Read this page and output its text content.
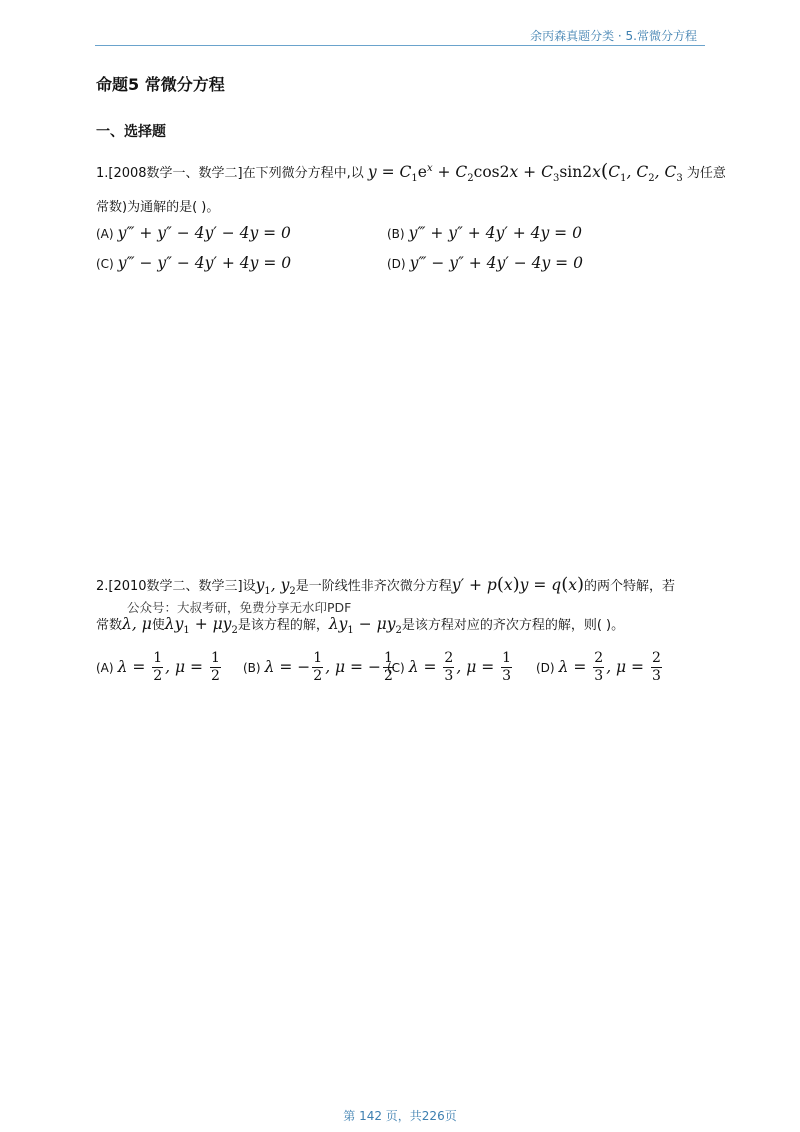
余丙森真题分类 · 5.常微分方程
命题5 常微分方程
一、选择题
1.[2008数学一、数学二]在下列微分方程中,以 $y = C_1e^x + C_2\cos 2x + C_3\sin 2x(C_1$, $C_2$, $C_3$ 为任意
常数)为通解的是( )。
(A) y‴ + y″ − 4y′ − 4y = 0	(B) y‴ + y″ + 4y′ + 4y = 0
(C) y‴ − y″ − 4y′ + 4y = 0	(D) y‴ − y″ + 4y′ − 4y = 0
2.[2010数学二、数学三]设$y_1$, $y_2$是一阶线性非齐次微分方程y′ + p(x)y = q(x)的两个特解，若
公众号：大叔考研，免费分享无水印PDF
常数λ, μ使$\lambda y_1 + \mu y_2$是该方程的解，$\lambda y_1 - \mu y_2$是该方程对应的齐次方程的解，则( )。
(A) $\lambda = \frac{1}{2}$ , $\mu = \frac{1}{2} (B) \lambda$ = − $\frac{1}{2}$ , μ = − $\frac{1}{2}$
(C) $\lambda = \frac{2}{3}$ , $\mu = \frac{1}{3} (D) \lambda = \frac{2}{3}$ , $\mu = \frac{2}{3}$
第 142 页，共226页
